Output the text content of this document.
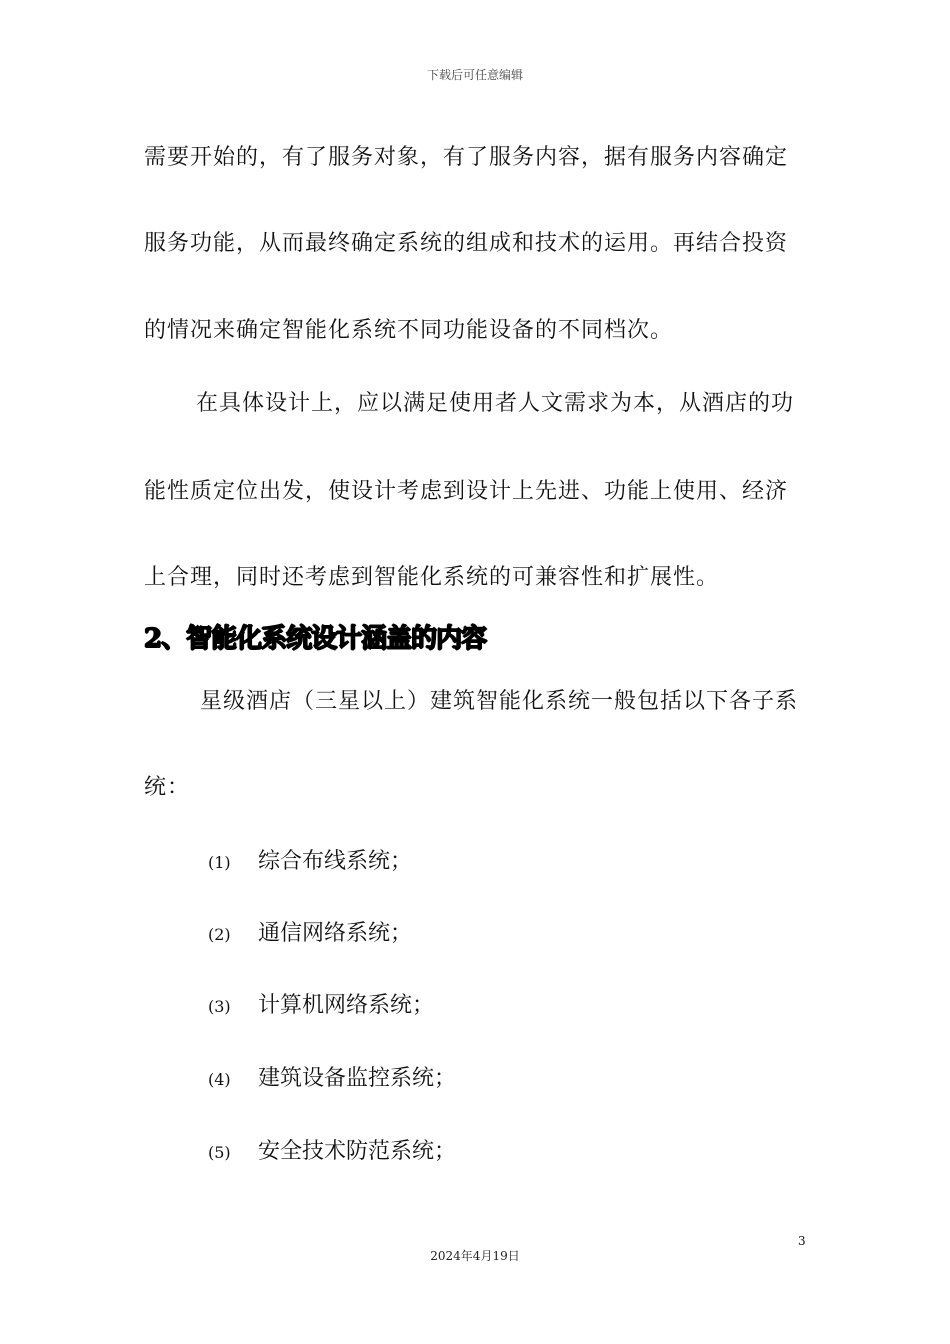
下载后可任意编辑
需要开始的，有了服务对象，有了服务内容，据有服务内容确定
服务功能，从而最终确定系统的组成和技术的运用。再结合投资
的情况来确定智能化系统不同功能设备的不同档次。
在具体设计上，应以满足使用者人文需求为本，从酒店的功
能性质定位出发，使设计考虑到设计上先进、功能上使用、经济
上合理，同时还考虑到智能化系统的可兼容性和扩展性。
2、智能化系统设计涵盖的内容
星级酒店（三星以上）建筑智能化系统一般包括以下各子系
统：
(1) 综合布线系统；
(2) 通信网络系统；
(3) 计算机网络系统；
(4) 建筑设备监控系统；
(5) 安全技术防范系统；
3
2024年4月19日
